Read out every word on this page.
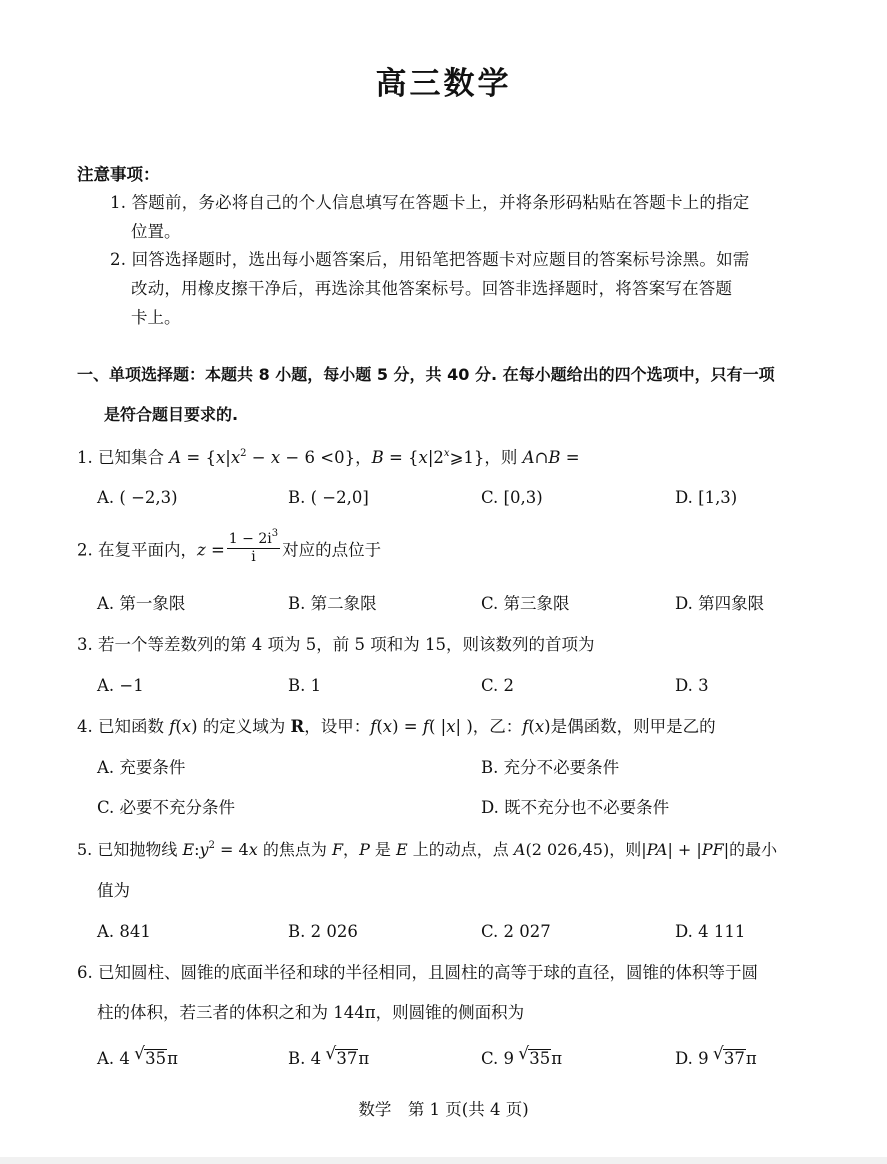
高三数学
注意事项：
1. 答题前，务必将自己的个人信息填写在答题卡上，并将条形码粘贴在答题卡上的指定
位置。
2. 回答选择题时，选出每小题答案后，用铅笔把答题卡对应题目的答案标号涂黑。如需
改动，用橡皮擦干净后，再选涂其他答案标号。回答非选择题时，将答案写在答题
卡上。
一、单项选择题：本题共 8 小题，每小题 5 分，共 40 分. 在每小题给出的四个选项中，只有一项
是符合题目要求的.
1. 已知集合 $A = \{x|x^2 - x - 6 <0\}$，$B = \{x|2^x⩾1\}$，则 A∩B =
A. ( −2,3)	B. ( −2,0]	C. [0,3)	D. [1,3)
2. 在复平面内，$z = \frac{1 - 2i^3}{i}$ 对应的点位于
A. 第一象限	B. 第二象限	C. 第三象限	D. 第四象限
3. 若一个等差数列的第 4 项为 5，前 5 项和为 15，则该数列的首项为
A. −1	B. 1	C. 2	D. 3
4. 已知函数 f(x) 的定义域为 R，设甲：f(x) = f( |x| )，乙：f(x)是偶函数，则甲是乙的
A. 充要条件	B. 充分不必要条件
C. 必要不充分条件	D. 既不充分也不必要条件
5. 已知抛物线 $E:y^2 = 4x$ 的焦点为 F，P 是 E 上的动点，点 A(2 026,45)，则|PA| + |PF|的最小
值为
A. 841	B. 2 026	C. 2 027	D. 4 111
6. 已知圆柱、圆锥的底面半径和球的半径相同，且圆柱的高等于球的直径，圆锥的体积等于圆
柱的体积，若三者的体积之和为 144π，则圆锥的侧面积为
A. 4 √ 35π	B. 4 √ 37π	C. 9 √ 35π	D. 9 √ 37π
数学　第 1 页(共 4 页)
